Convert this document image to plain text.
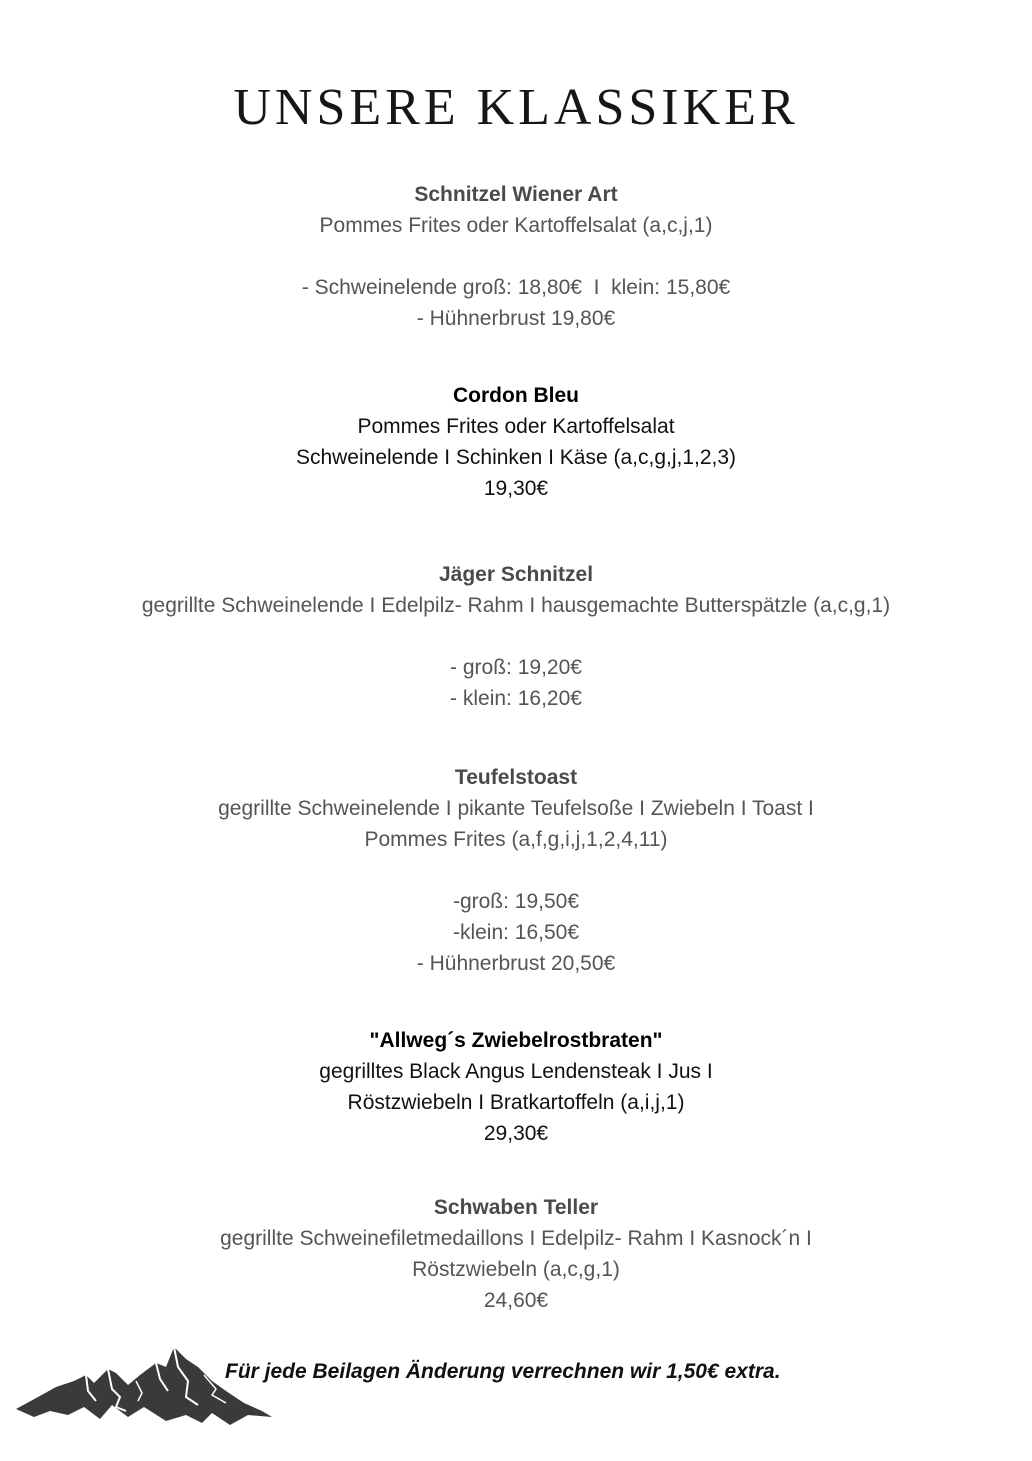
UNSERE KLASSIKER
Schnitzel Wiener Art
Pommes Frites oder Kartoffelsalat (a,c,j,1)
- Schweinelende groß: 18,80€  I  klein: 15,80€
- Hühnerbrust 19,80€
Cordon Bleu
Pommes Frites oder Kartoffelsalat
Schweinelende I Schinken I Käse (a,c,g,j,1,2,3)
19,30€
Jäger Schnitzel
gegrillte Schweinelende I Edelpilz- Rahm I hausgemachte Butterspätzle (a,c,g,1)
- groß: 19,20€
- klein: 16,20€
Teufelstoast
gegrillte Schweinelende I pikante Teufelsoße I Zwiebeln I Toast I
Pommes Frites (a,f,g,i,j,1,2,4,11)
-groß: 19,50€
-klein: 16,50€
- Hühnerbrust 20,50€
"Allweg´s Zwiebelrostbraten"
gegrilltes Black Angus Lendensteak I Jus I
Röstzwiebeln I Bratkartoffeln (a,i,j,1)
29,30€
Schwaben Teller
gegrillte Schweinefiletmedaillons I Edelpilz- Rahm I Kasnock´n I
Röstzwiebeln (a,c,g,1)
24,60€
Für jede Beilagen Änderung verrechnen wir 1,50€ extra.
